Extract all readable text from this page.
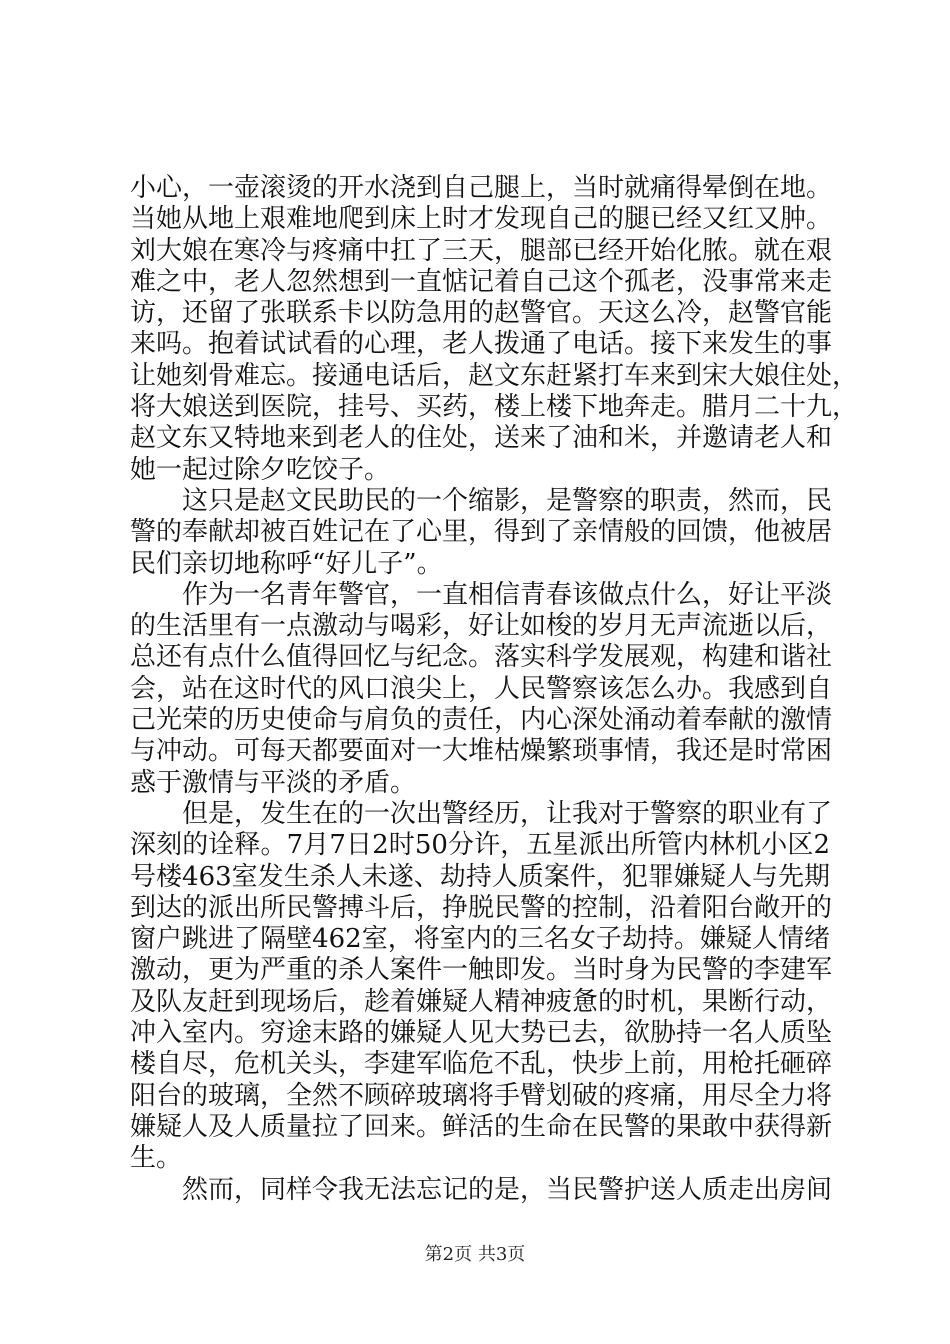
小心，一壶滚烫的开水浇到自己腿上，当时就痛得晕倒在地。
当她从地上艰难地爬到床上时才发现自己的腿已经又红又肿。
刘大娘在寒冷与疼痛中扛了三天，腿部已经开始化脓。就在艰
难之中，老人忽然想到一直惦记着自己这个孤老，没事常来走
访，还留了张联系卡以防急用的赵警官。天这么冷，赵警官能
来吗。抱着试试看的心理，老人拨通了电话。接下来发生的事
让她刻骨难忘。接通电话后，赵文东赶紧打车来到宋大娘住处，
将大娘送到医院，挂号、买药，楼上楼下地奔走。腊月二十九，
赵文东又特地来到老人的住处，送来了油和米，并邀请老人和
她一起过除夕吃饺子。
　　这只是赵文民助民的一个缩影，是警察的职责，然而，民
警的奉献却被百姓记在了心里，得到了亲情般的回馈，他被居
民们亲切地称呼“好儿子”。
　　作为一名青年警官，一直相信青春该做点什么，好让平淡
的生活里有一点激动与喝彩，好让如梭的岁月无声流逝以后，
总还有点什么值得回忆与纪念。落实科学发展观，构建和谐社
会，站在这时代的风口浪尖上，人民警察该怎么办。我感到自
己光荣的历史使命与肩负的责任，内心深处涌动着奉献的激情
与冲动。可每天都要面对一大堆枯燥繁琐事情，我还是时常困
惑于激情与平淡的矛盾。
　　但是，发生在的一次出警经历，让我对于警察的职业有了
深刻的诠释。7月7日2时50分许，五星派出所管内林机小区2
号楼463室发生杀人未遂、劫持人质案件，犯罪嫌疑人与先期
到达的派出所民警搏斗后，挣脱民警的控制，沿着阳台敞开的
窗户跳进了隔壁462室，将室内的三名女子劫持。嫌疑人情绪
激动，更为严重的杀人案件一触即发。当时身为民警的李建军
及队友赶到现场后，趁着嫌疑人精神疲惫的时机，果断行动，
冲入室内。穷途末路的嫌疑人见大势已去，欲胁持一名人质坠
楼自尽，危机关头，李建军临危不乱，快步上前，用枪托砸碎
阳台的玻璃，全然不顾碎玻璃将手臂划破的疼痛，用尽全力将
嫌疑人及人质量拉了回来。鲜活的生命在民警的果敢中获得新
生。
　　然而，同样令我无法忘记的是，当民警护送人质走出房间
第2页 共3页
